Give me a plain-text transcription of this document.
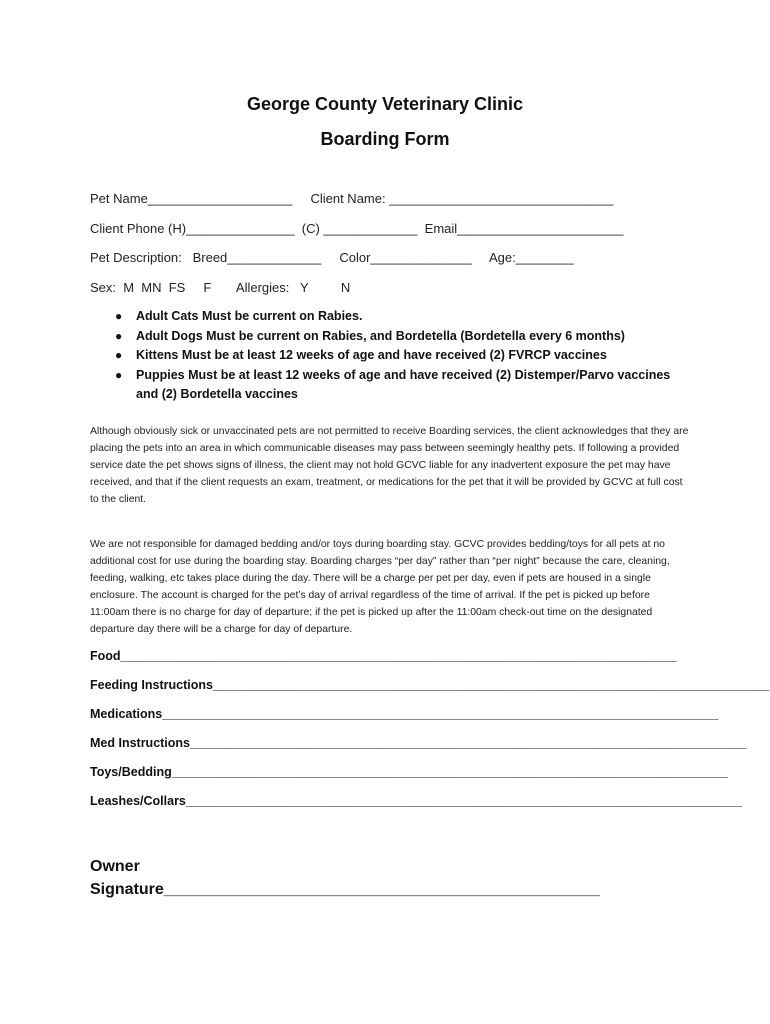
George County Veterinary Clinic
Boarding Form
Pet Name____________________     Client Name: _______________________________
Client Phone (H)_______________  (C) _____________  Email_______________________
Pet Description:   Breed_____________     Color______________     Age:________
Sex:  M  MN  FS     F       Allergies:   Y         N
● Adult Cats Must be current on Rabies.
● Adult Dogs Must be current on Rabies, and Bordetella (Bordetella every 6 months)
● Kittens Must be at least 12 weeks of age and have received (2) FVRCP vaccines
● Puppies Must be at least 12 weeks of age and have received (2) Distemper/Parvo vaccines and (2) Bordetella vaccines

Although obviously sick or unvaccinated pets are not permitted to receive Boarding services, the client acknowledges that they are placing the pets into an area in which communicable diseases may pass between seemingly healthy pets. If following a provided service date the pet shows signs of illness, the client may not hold GCVC liable for any inadvertent exposure the pet may have received, and that if the client requests an exam, treatment, or medications for the pet that it will be provided by GCVC at full cost to the client.

We are not responsible for damaged bedding and/or toys during boarding stay. GCVC provides bedding/toys for all pets at no additional cost for use during the boarding stay. Boarding charges “per day” rather than “per night” because the care, cleaning, feeding, walking, etc takes place during the day. There will be a charge per pet per day, even if pets are housed in a single enclosure. The account is charged for the pet’s day of arrival regardless of the time of arrival. If the pet is picked up before 11:00am there is no charge for day of departure; if the pet is picked up after the 11:00am check-out time on the designated departure day there will be a charge for day of departure.

Food________________________________________________________________________________
Feeding Instructions________________________________________________________________________________
Medications________________________________________________________________________________
Med Instructions________________________________________________________________________________
Toys/Bedding________________________________________________________________________________
Leashes/Collars________________________________________________________________________________
Owner
Signature_________________________________________________
